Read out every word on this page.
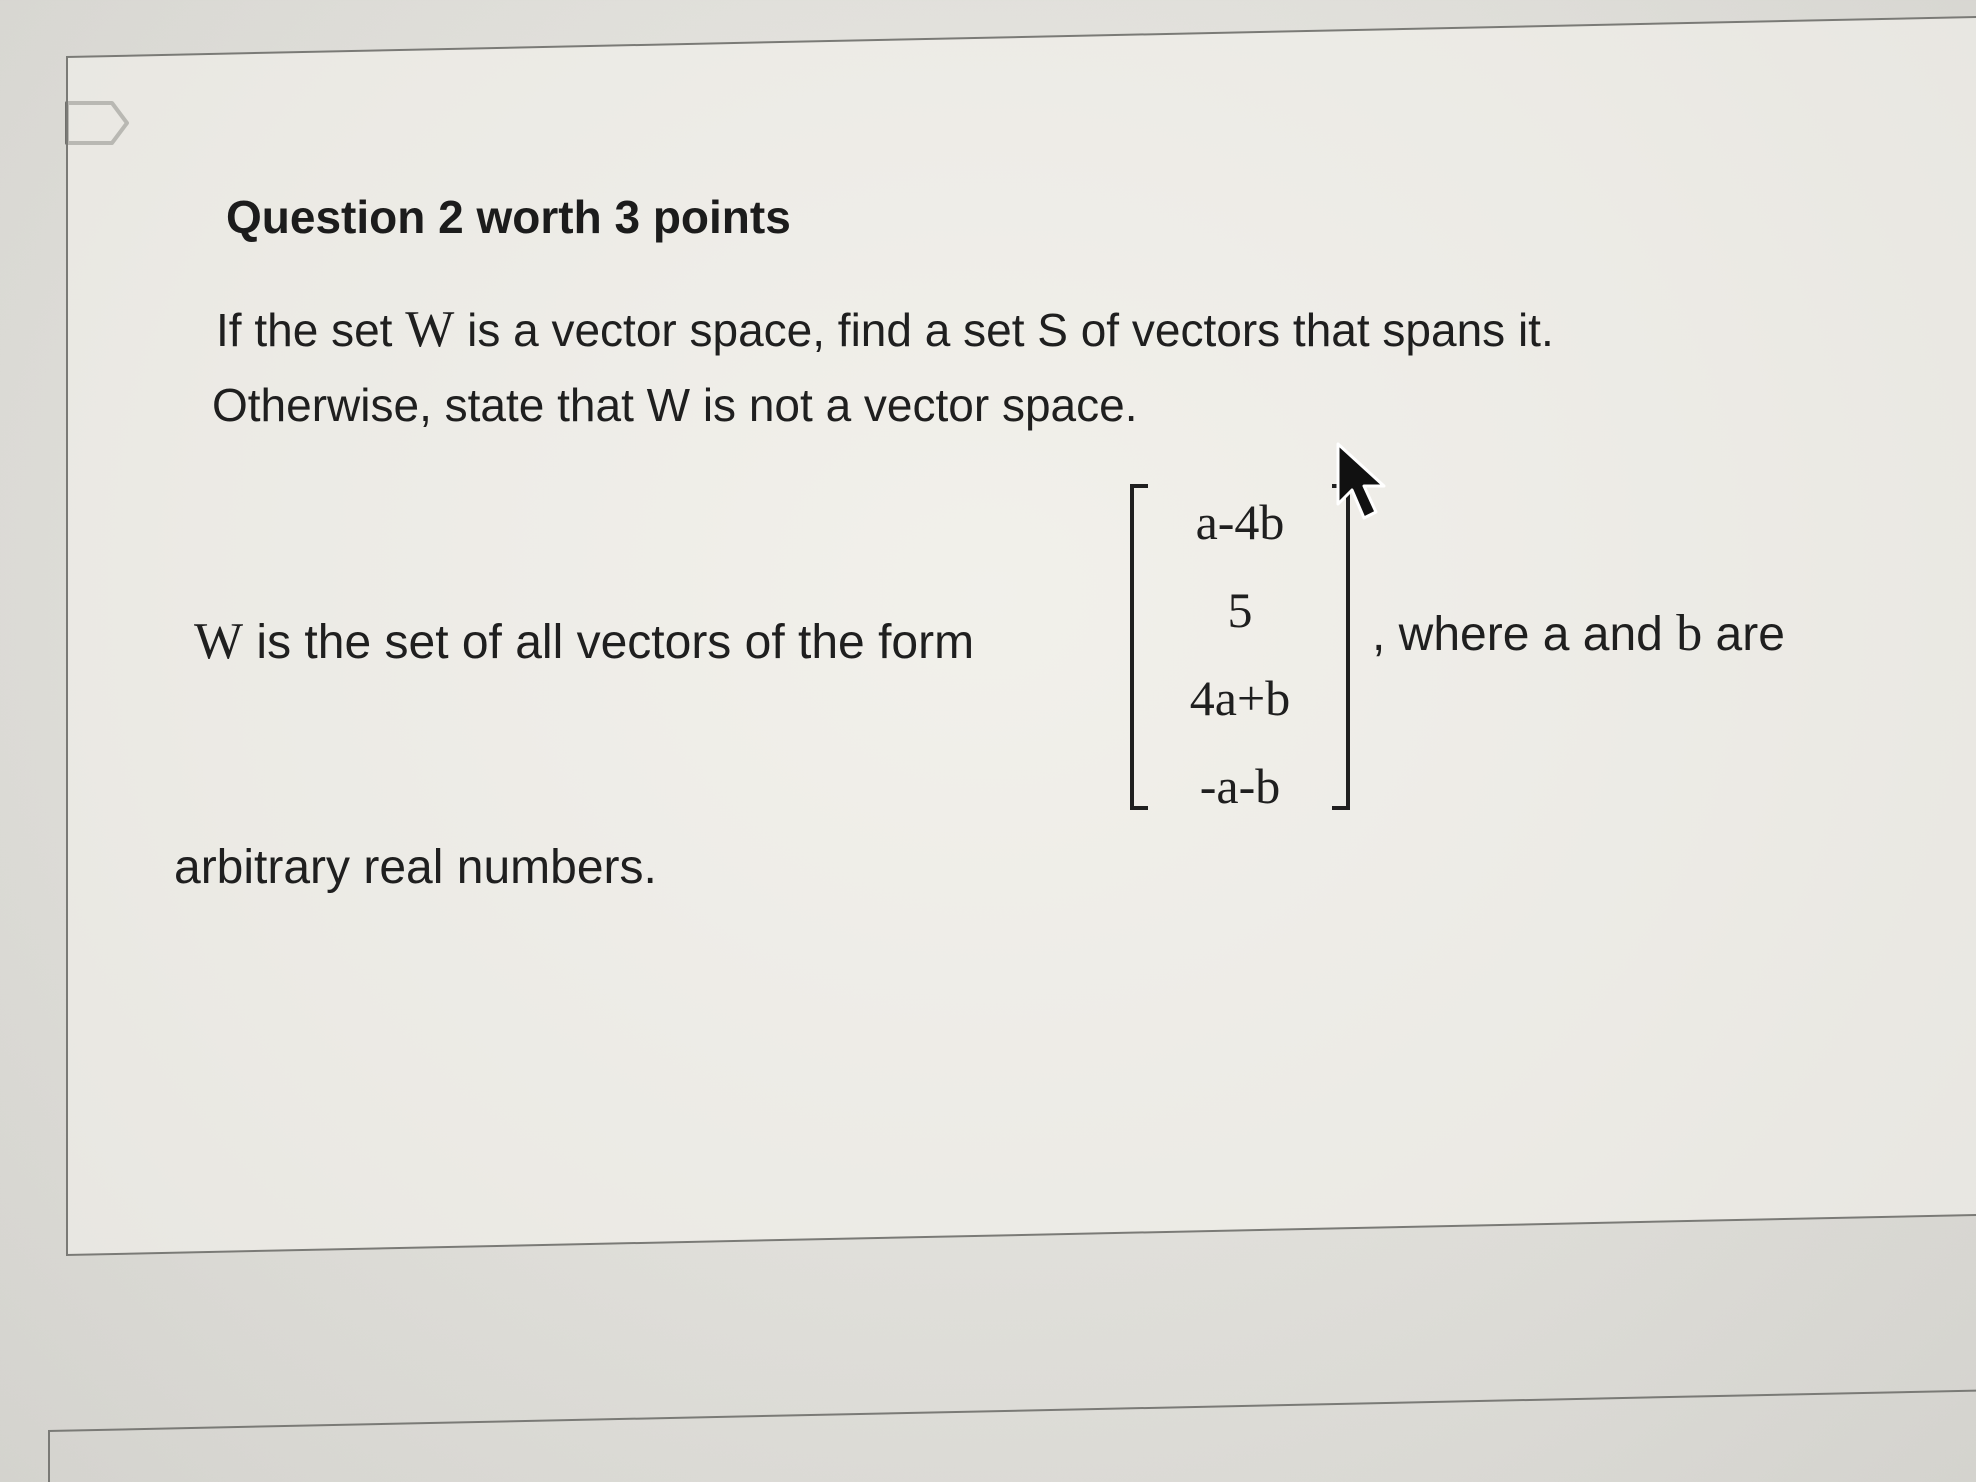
Question 2 worth 3 points
If the set W is a vector space, find a set S of vectors that spans it.
Otherwise, state that W is not a vector space.
W is the set of all vectors of the form
a-4b
5
4a+b
-a-b
, where a and b are
arbitrary real numbers.
